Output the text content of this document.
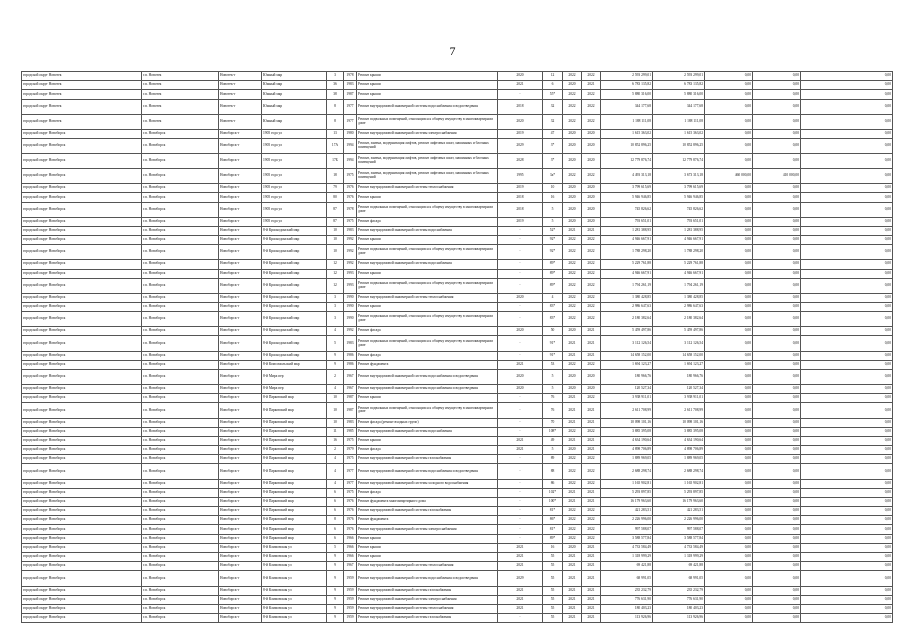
7
городской округ Новотек	г.п. Новотек	Новотек-г	Южный мкр	3	1978	Ремонт крыши	2020	12	2022	2022	2 593 299,01	2 593 299,01	0,00	0,00	0,00
городской округ Новотек	г.п. Новотек	Новотек-г	Южный мкр	36	1983	Ремонт крыши	2021	6	2020	2021	6 783 135,82	6 783 135,82	0,00	0,00	0,00
городской округ Новотек	г.п. Новотек	Новотек-г	Южный мкр	38	1987	Ремонт крыши	-	55*	2022	2022	5 880 316,00	5 880 316,00	0,00	0,00	0,00
городской округ Новотек	г.п. Новотек	Новотек-г	Южный мкр	8	1977	Ремонт внутридомовой инженерной системы водоснабжения и водоотведения	2018	32	2022	2022	344 177,68	344 177,68	0,00	0,00	0,00
городской округ Новотек	г.п. Новотек	Новотек-г	Южный мкр	8	1977	Ремонт подвальных помещений, относящихся к общему имуществу в многоквартирном доме	2020	32	2022	2022	1 188 111,08	1 188 111,08	0,00	0,00	0,00
городской округ Новоборск	г.п. Новоборск	Новоборск-г	1905 года ул	13	1980	Ремонт внутридомовой инженерной системы электроснабжения	2019	47	2020	2020	1 615 363,02	1 615 363,02	0,00	0,00	0,00
городской округ Новоборск	г.п. Новоборск	Новоборск-г	1905 года ул	17А	1994	Ремонт, замена, модернизация лифтов, ремонт лифтовых шахт, машинных и блочных помещений	2029	3*	2020	2020	10 852 896,25	10 852 896,25	0,00	0,00	0,00
городской округ Новоборск	г.п. Новоборск	Новоборск-г	1905 года ул	17Б	1994	Ремонт, замена, модернизация лифтов, ремонт лифтовых шахт, машинных и блочных помещений	2028	3*	2020	2020	12 779 876,74	12 779 876,74	0,00	0,00	0,00
городской округ Новоборск	г.п. Новоборск	Новоборск-г	1905 года ул	18	1975	Ремонт, замена, модернизация лифтов, ремонт лифтовых шахт, машинных и блочных помещений	1995	3a*	2022	2022	4 493 313,18	3 673 313,18	460 000,00	410 000,00	0,00
городской округ Новоборск	г.п. Новоборск	Новоборск-г	1905 года ул	79	1976	Ремонт внутридомовой инженерной системы теплоснабжения	2019	10	2020	2020	3 799 615,69	3 799 615,69	0,00	0,00	0,00
городской округ Новоборск	г.п. Новоборск	Новоборск-г	1905 года ул	80	1976	Ремонт крыши	2018	16	2020	2020	5 946 946,85	5 946 946,85	0,00	0,00	0,00
городской округ Новоборск	г.п. Новоборск	Новоборск-г	1905 года ул	87	1978	Ремонт подвальных помещений, относящихся к общему имуществу в многоквартирном доме	2018	5	2020	2020	745 826,62	745 826,62	0,00	0,00	0,00
городской округ Новоборск	г.п. Новоборск	Новоборск-г	1905 года ул	87	1975	Ремонт фасада	2019	5	2020	2020	793 651,01	793 651,01	0,00	0,00	0,00
городской округ Новоборск	г.п. Новоборск	Новоборск-г	8-й Краснодонский мкр	10	1983	Ремонт внутридомовой инженерной системы водоснабжения	-	52*	2021	2021	1 281 388,95	1 281 388,95	0,00	0,00	0,00
городской округ Новоборск	г.п. Новоборск	Новоборск-г	8-й Краснодонский мкр	10	1992	Ремонт крыши	-	92*	2022	2022	4 946 667,91	4 946 667,91	0,00	0,00	0,00
городской округ Новоборск	г.п. Новоборск	Новоборск-г	8-й Краснодонский мкр	10	1992	Ремонт подвальных помещений, относящихся к общему имуществу в многоквартирном доме	-	92*	2022	2022	1 788 298,20	1 788 298,20	0,00	0,00	0,00
городской округ Новоборск	г.п. Новоборск	Новоборск-г	8-й Краснодонский мкр	12	1992	Ремонт внутридомовой инженерной системы водоснабжения	-	89*	2022	2022	5 229 761,88	5 229 761,88	0,00	0,00	0,00
городской округ Новоборск	г.п. Новоборск	Новоборск-г	8-й Краснодонский мкр	12	1993	Ремонт крыши	-	89*	2022	2022	4 946 667,91	4 946 667,91	0,00	0,00	0,00
городской округ Новоборск	г.п. Новоборск	Новоборск-г	8-й Краснодонский мкр	12	1993	Ремонт подвальных помещений, относящихся к общему имуществу в многоквартирном доме	-	89*	2022	2022	1 794 261,19	1 794 261,19	0,00	0,00	0,00
городской округ Новоборск	г.п. Новоборск	Новоборск-г	8-й Краснодонский мкр	3	1990	Ремонт внутридомовой инженерной системы теплоснабжения	2020	4	2022	2022	1 380 428,85	1 380 428,85	0,00	0,00	0,00
городской округ Новоборск	г.п. Новоборск	Новоборск-г	8-й Краснодонский мкр	3	1990	Ремонт крыши	-	83*	2022	2022	2 986 647,63	2 986 647,63	0,00	0,00	0,00
городской округ Новоборск	г.п. Новоборск	Новоборск-г	8-й Краснодонский мкр	3	1990	Ремонт подвальных помещений, относящихся к общему имуществу в многоквартирном доме	-	83*	2022	2022	2 180 382,64	2 180 382,64	0,00	0,00	0,00
городской округ Новоборск	г.п. Новоборск	Новоборск-г	8-й Краснодонский мкр	4	1992	Ремонт фасада	2020	50	2020	2021	5 459 497,86	5 459 497,86	0,00	0,00	0,00
городской округ Новоборск	г.п. Новоборск	Новоборск-г	8-й Краснодонский мкр	5	1983	Ремонт подвальных помещений, относящихся к общему имуществу в многоквартирном доме	-	91*	2021	2021	3 112 126,54	3 112 126,54	0,00	0,00	0,00
городской округ Новоборск	г.п. Новоборск	Новоборск-г	8-й Краснодонский мкр	9	1986	Ремонт фасада	-	91*	2021	2021	14 658 152,00	14 658 152,00	0,00	0,00	0,00
городской округ Новоборск	г.п. Новоборск	Новоборск-г	8-й Комсомольский мкр	9	1986	Ремонт фундамента	2021	53	2022	2022	1 694 123,27	1 694 123,27	0,00	0,00	0,00
городской округ Новоборск	г.п. Новоборск	Новоборск-г	8-й Мира пер	2	1967	Ремонт внутридомовой инженерной системы водоснабжения и водоотведения	2020	5	2020	2020	180 966,76	180 966,76	0,00	0,00	0,00
городской округ Новоборск	г.п. Новоборск	Новоборск-г	8-й Мира пер	4	1967	Ремонт внутридомовой инженерной системы водоснабжения и водоотведения	2020	5	2020	2020	120 527,34	120 527,34	0,00	0,00	0,00
городской округ Новоборск	г.п. Новоборск	Новоборск-г	8-й Парковский мкр	10	1987	Ремонт крыши	-	76	2021	2022	3 938 911,01	3 938 911,01	0,00	0,00	0,00
городской округ Новоборск	г.п. Новоборск	Новоборск-г	8-й Парковский мкр	10	1987	Ремонт подвальных помещений, относящихся к общему имуществу в многоквартирном доме	-	76	2021	2021	2 611 708,99	2 611 708,99	0,00	0,00	0,00
городской округ Новоборск	г.п. Новоборск	Новоборск-г	8-й Парковский мкр	10	1983	Ремонт фасада (ремонт входных групп)	-	70	2021	2021	10 098 101,16	10 098 101,16	0,00	0,00	0,00
городской округ Новоборск	г.п. Новоборск	Новоборск-г	8-й Парковский мкр	11	1985	Ремонт внутридомовой инженерной системы водоснабжения	-	108*	2022	2022	3 885 395,08	3 885 395,08	0,00	0,00	0,00
городской округ Новоборск	г.п. Новоборск	Новоборск-г	8-й Парковский мкр	16	1975	Ремонт крыши	2021	49	2021	2021	4 634 190,64	4 634 190,64	0,00	0,00	0,00
городской округ Новоборск	г.п. Новоборск	Новоборск-г	8-й Парковский мкр	2	1979	Ремонт фасада	2021	5	2020	2021	4 898 706,89	4 898 706,89	0,00	0,00	0,00
городской округ Новоборск	г.п. Новоборск	Новоборск-г	8-й Парковский мкр	4	1975	Ремонт внутридомовой инженерной системы газоснабжения	-	89	2022	2022	1 889 969,05	1 889 969,05	0,00	0,00	0,00
городской округ Новоборск	г.п. Новоборск	Новоборск-г	8-й Парковский мкр	4	1977	Ремонт внутридомовой инженерной системы водоснабжения и водоотведения	-	88	2022	2022	2 688 298,74	2 688 298,74	0,00	0,00	0,00
городской округ Новоборск	г.п. Новоборск	Новоборск-г	8-й Парковский мкр	4	1977	Ремонт внутридомовой инженерной системы холодного водоснабжения	-	86	2022	2022	1 165 902,81	1 165 902,81	0,00	0,00	0,00
городской округ Новоборск	г.п. Новоборск	Новоборск-г	8-й Парковский мкр	6	1975	Ремонт фасада	-	102*	2021	2021	5 293 897,85	5 293 897,85	0,00	0,00	0,00
городской округ Новоборск	г.п. Новоборск	Новоборск-г	8-й Парковский мкр	6	1976	Ремонт фундамента многоквартирного дома	-	100*	2021	2021	16 179 963,60	16 179 963,60	0,00	0,00	0,00
городской округ Новоборск	г.п. Новоборск	Новоборск-г	8-й Парковский мкр	6	1976	Ремонт внутридомовой инженерной системы газоснабжения	-	81*	2022	2022	421 283,51	421 283,51	0,00	0,00	0,00
городской округ Новоборск	г.п. Новоборск	Новоборск-г	8-й Парковский мкр	8	1976	Ремонт фундамента	-	86*	2022	2022	2 226 996,00	2 226 996,00	0,00	0,00	0,00
городской округ Новоборск	г.п. Новоборск	Новоборск-г	8-й Парковский мкр	6	1976	Ремонт внутридомовой инженерной системы электроснабжения	-	81*	2022	2022	997 588,07	997 588,07	0,00	0,00	0,00
городской округ Новоборск	г.п. Новоборск	Новоборск-г	8-й Парковский мкр	6	1966	Ремонт крыши	-	89*	2022	2022	3 588 577,84	3 588 577,84	0,00	0,00	0,00
городской округ Новоборск	г.п. Новоборск	Новоборск-г	8-й Климовская ул	5	1966	Ремонт крыши	2021	16	2020	2021	4 733 584,49	4 733 584,49	0,00	0,00	0,00
городской округ Новоборск	г.п. Новоборск	Новоборск-г	8-й Климовская ул	9	1966	Ремонт крыши	2021	55	2021	2021	1 318 999,29	1 318 999,29	0,00	0,00	0,00
городской округ Новоборск	г.п. Новоборск	Новоборск-г	8-й Климовская ул	9	1967	Ремонт внутридомовой инженерной системы теплоснабжения	2021	55	2021	2021	69 421,88	69 421,88	0,00	0,00	0,00
городской округ Новоборск	г.п. Новоборск	Новоборск-г	8-й Климовская ул	9	1959	Ремонт внутридомовой инженерной системы водоснабжения и водоотведения	2029	55	2021	2021	68 991,05	68 991,05	0,00	0,00	0,00
городской округ Новоборск	г.п. Новоборск	Новоборск-г	8-й Климовская ул	9	1959	Ремонт внутридомовой инженерной системы газоснабжения	2021	55	2021	2021	235 232,79	235 232,79	0,00	0,00	0,00
городской округ Новоборск	г.п. Новоборск	Новоборск-г	8-й Климовская ул	9	1959	Ремонт внутридомовой инженерной системы электроснабжения	2021	55	2021	2021	776 631,90	776 631,90	0,00	0,00	0,00
городской округ Новоборск	г.п. Новоборск	Новоборск-г	8-й Климовская ул	9	1959	Ремонт внутридомовой инженерной системы теплоснабжения	2021	55	2021	2021	180 403,23	180 403,23	0,00	0,00	0,00
городской округ Новоборск	г.п. Новоборск	Новоборск-г	8-й Климовская ул	9	1959	Ремонт внутридомовой инженерной системы газоснабжения	-	55	2021	2021	113 926,96	113 926,96	0,00	0,00	0,00
